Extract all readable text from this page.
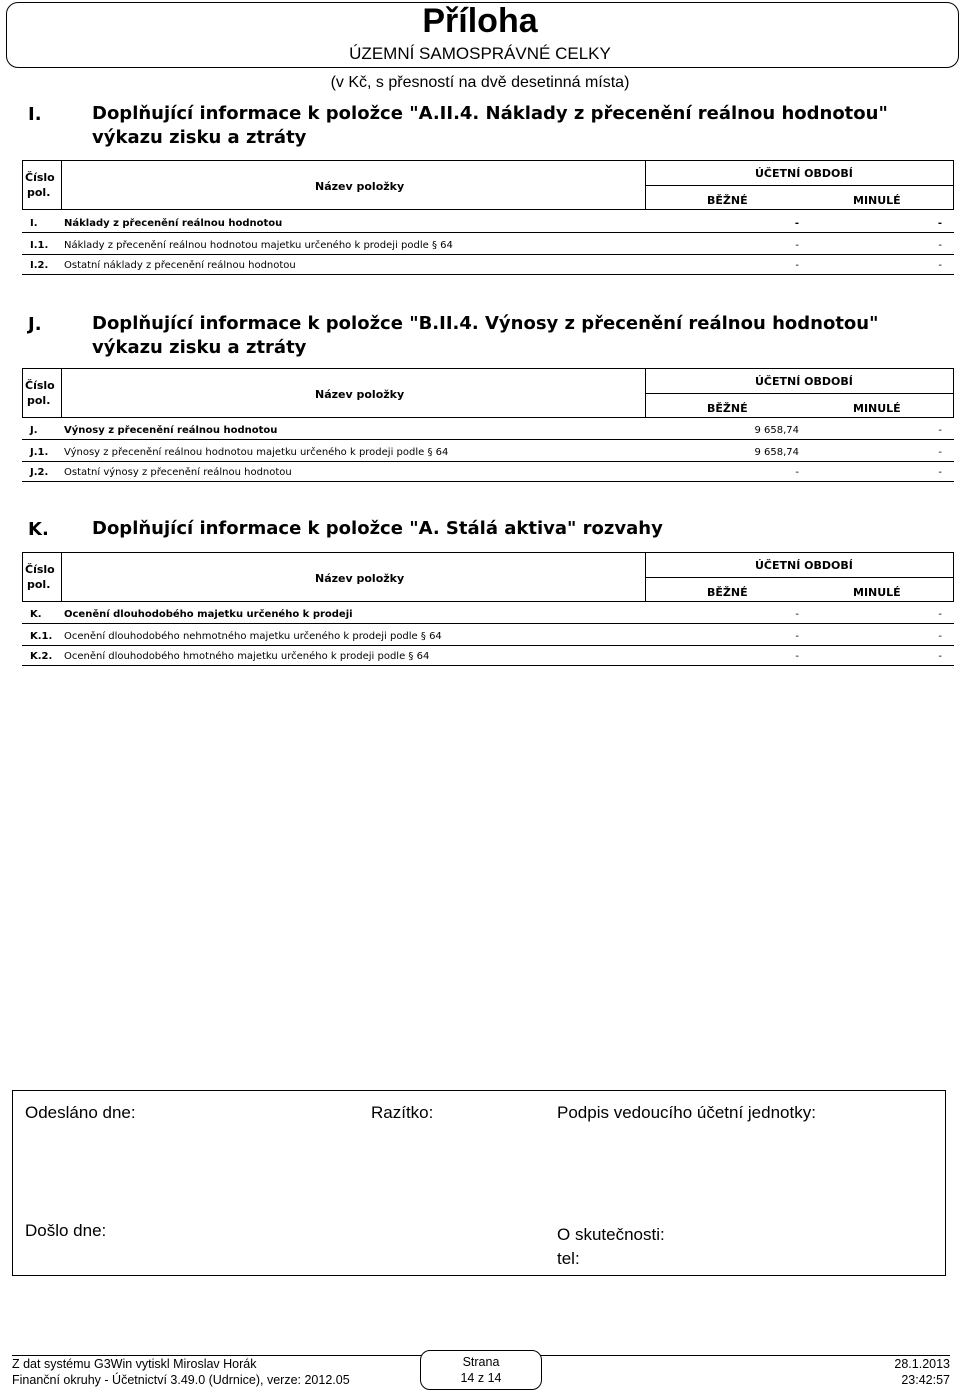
Příloha
ÚZEMNÍ SAMOSPRÁVNÉ CELKY
(v Kč, s přesností na dvě desetinná místa)
I.	Doplňující informace k položce "A.II.4. Náklady z přecenění reálnou hodnotou"
výkazu zisku a ztráty
Číslo
pol.	Název položky
ÚČETNÍ OBDOBÍ
BĚŽNÉ	MINULÉ
I.	Náklady z přecenění reálnou hodnotou	-	-
I.1. Náklady z přecenění reálnou hodnotou majetku určeného k prodeji podle § 64	-	-
I.2. Ostatní náklady z přecenění reálnou hodnotou	-	-
J.	Doplňující informace k položce "B.II.4. Výnosy z přecenění reálnou hodnotou"
výkazu zisku a ztráty
Číslo
pol.	Název položky
ÚČETNÍ OBDOBÍ
BĚŽNÉ	MINULÉ
J.	Výnosy z přecenění reálnou hodnotou	9 658,74	-
J.1. Výnosy z přecenění reálnou hodnotou majetku určeného k prodeji podle § 64	9 658,74	-
J.2. Ostatní výnosy z přecenění reálnou hodnotou	-	-
K. Doplňující informace k položce "A. Stálá aktiva" rozvahy
Číslo
pol.	Název položky
ÚČETNÍ OBDOBÍ
BĚŽNÉ	MINULÉ
K. Ocenění dlouhodobého majetku určeného k prodeji	-	-
K.1. Ocenění dlouhodobého nehmotného majetku určeného k prodeji podle § 64	-	-
K.2. Ocenění dlouhodobého hmotného majetku určeného k prodeji podle § 64	-	-
Odesláno dne:	Razítko:	Podpis vedoucího účetní jednotky:
Došlo dne:	O skutečnosti:
tel:
Z dat systému G3Win vytiskl Miroslav Horák
Finanční okruhy - Účetnictví 3.49.0 (Udrnice), verze: 2012.05
Strana
14 z 14
28.1.2013
23:42:57
